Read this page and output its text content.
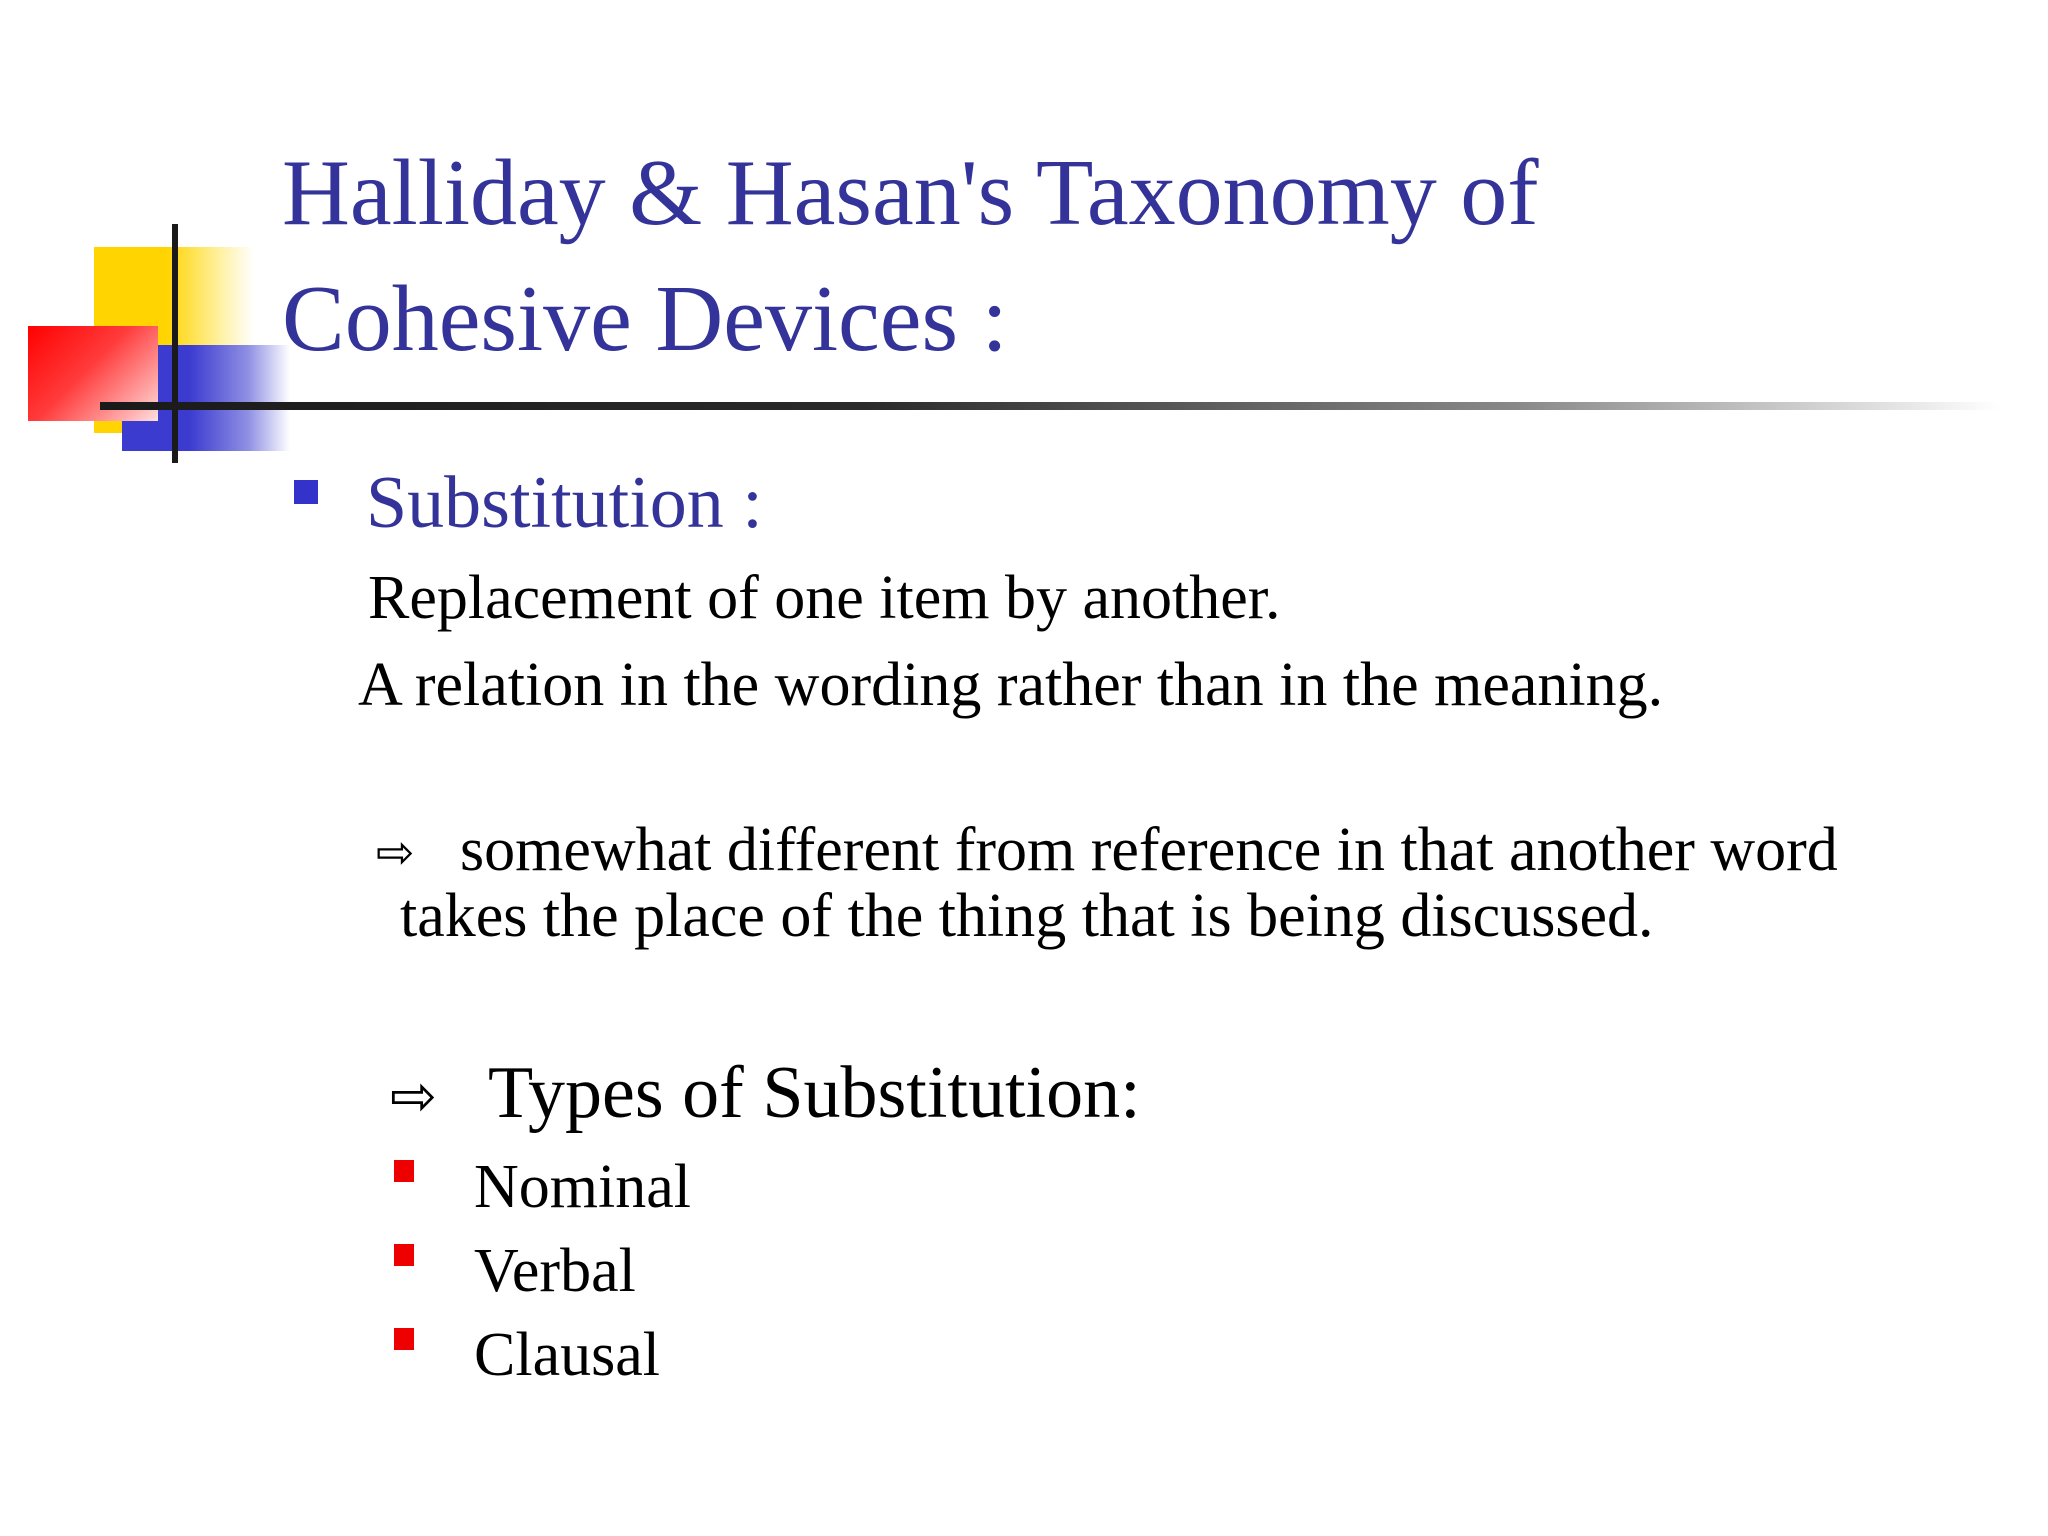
Halliday & Hasan's Taxonomy of
Cohesive Devices :

Substitution :

Replacement of one item by another.

A relation in the wording rather than in the meaning.

⇨ somewhat different from reference in that another word

takes the place of the thing that is being discussed.

⇨ Types of Substitution:

Nominal

Verbal

Clausal
